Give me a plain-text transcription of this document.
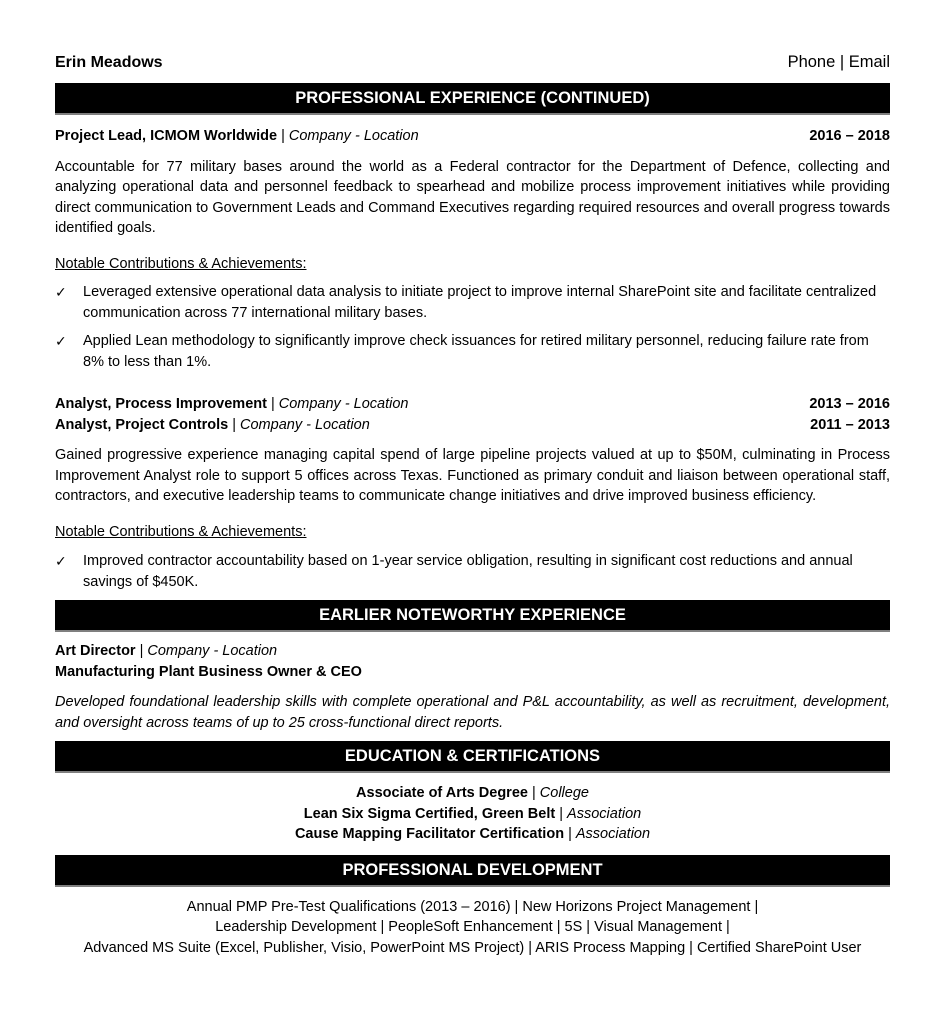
Erin Meadows	Phone | Email
PROFESSIONAL EXPERIENCE (CONTINUED)
Project Lead, ICMOM Worldwide | Company - Location	2016 – 2018
Accountable for 77 military bases around the world as a Federal contractor for the Department of Defence, collecting and analyzing operational data and personnel feedback to spearhead and mobilize process improvement initiatives while providing direct communication to Government Leads and Command Executives regarding required resources and overall progress towards identified goals.
Notable Contributions & Achievements:
✓ Leveraged extensive operational data analysis to initiate project to improve internal SharePoint site and facilitate centralized communication across 77 international military bases.
✓ Applied Lean methodology to significantly improve check issuances for retired military personnel, reducing failure rate from 8% to less than 1%.
Analyst, Process Improvement | Company - Location	2013 – 2016
Analyst, Project Controls | Company - Location	2011 – 2013
Gained progressive experience managing capital spend of large pipeline projects valued at up to $50M, culminating in Process Improvement Analyst role to support 5 offices across Texas. Functioned as primary conduit and liaison between operational staff, contractors, and executive leadership teams to communicate change initiatives and drive improved business efficiency.
Notable Contributions & Achievements:
✓ Improved contractor accountability based on 1-year service obligation, resulting in significant cost reductions and annual savings of $450K.
EARLIER NOTEWORTHY EXPERIENCE
Art Director | Company - Location
Manufacturing Plant Business Owner & CEO
Developed foundational leadership skills with complete operational and P&L accountability, as well as recruitment, development, and oversight across teams of up to 25 cross-functional direct reports.
EDUCATION & CERTIFICATIONS
Associate of Arts Degree | College
Lean Six Sigma Certified, Green Belt | Association
Cause Mapping Facilitator Certification | Association
PROFESSIONAL DEVELOPMENT
Annual PMP Pre-Test Qualifications (2013 – 2016) | New Horizons Project Management |
Leadership Development | PeopleSoft Enhancement | 5S | Visual Management |
Advanced MS Suite (Excel, Publisher, Visio, PowerPoint MS Project) | ARIS Process Mapping | Certified SharePoint User
